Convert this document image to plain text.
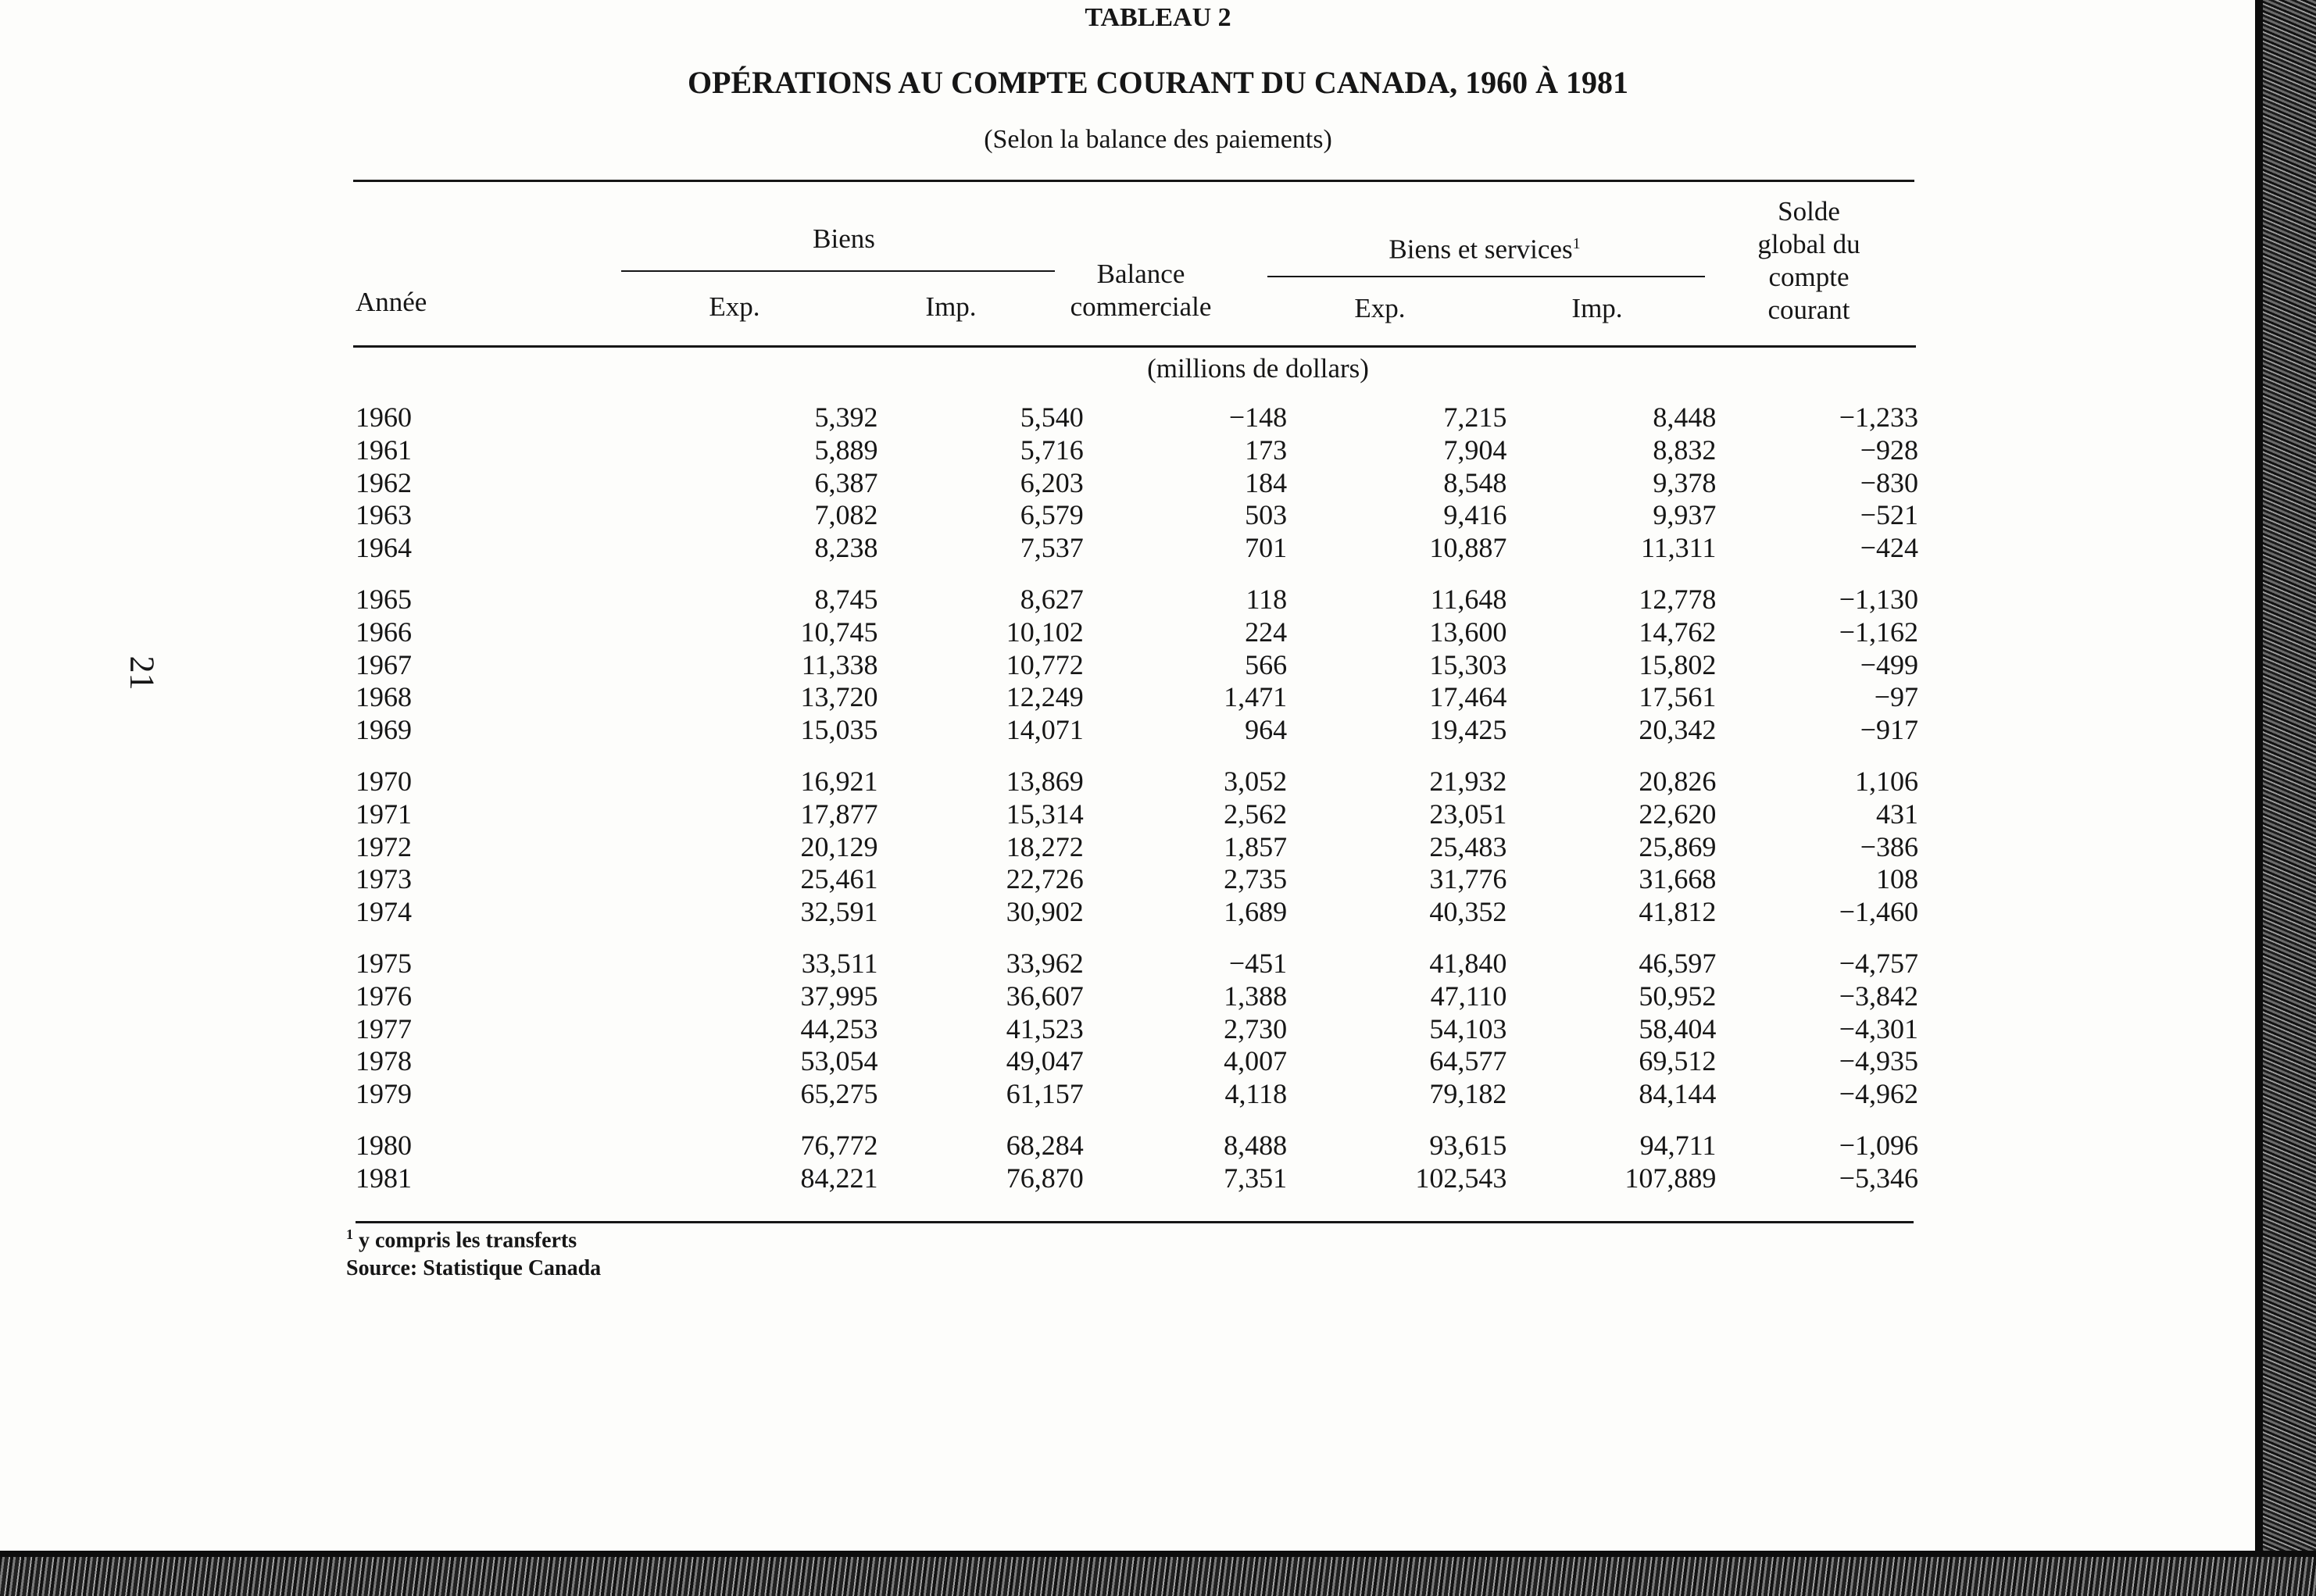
21
TABLEAU 2
OPÉRATIONS AU COMPTE COURANT DU CANADA, 1960 À 1981
(Selon la balance des paiements)
Année
Biens
Exp.	Imp.
Balance
commerciale
Biens et services$^1$
Exp.	Imp.
Solde
global du
compte
courant
(millions de dollars)
1960	5,392	5,540	−148	7,215	8,448	−1,233
1961	5,889	5,716	173	7,904	8,832	−928
1962	6,387	6,203	184	8,548	9,378	−830
1963	7,082	6,579	503	9,416	9,937	−521
1964	8,238	7,537	701	10,887	11,311	−424
1965	8,745	8,627	118	11,648	12,778	−1,130
1966	10,745	10,102	224	13,600	14,762	−1,162
1967	11,338	10,772	566	15,303	15,802	−499
1968	13,720	12,249	1,471	17,464	17,561	−97
1969	15,035	14,071	964	19,425	20,342	−917
1970	16,921	13,869	3,052	21,932	20,826	1,106
1971	17,877	15,314	2,562	23,051	22,620	431
1972	20,129	18,272	1,857	25,483	25,869	−386
1973	25,461	22,726	2,735	31,776	31,668	108
1974	32,591	30,902	1,689	40,352	41,812	−1,460
1975	33,511	33,962	−451	41,840	46,597	−4,757
1976	37,995	36,607	1,388	47,110	50,952	−3,842
1977	44,253	41,523	2,730	54,103	58,404	−4,301
1978	53,054	49,047	4,007	64,577	69,512	−4,935
1979	65,275	61,157	4,118	79,182	84,144	−4,962
1980	76,772	68,284	8,488	93,615	94,711	−1,096
1981	84,221	76,870	7,351	102,543	107,889	−5,346
$^1$ y compris les transferts
Source: Statistique Canada
